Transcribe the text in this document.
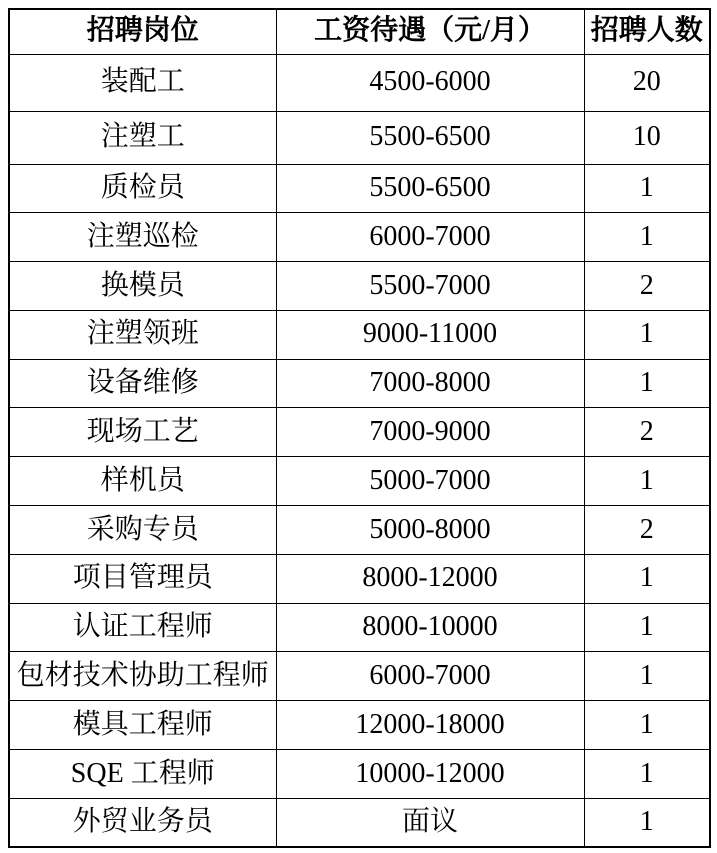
招聘岗位	工资待遇（元/月）	招聘人数
装配工	4500-6000	20
注塑工	5500-6500	10
质检员	5500-6500	1
注塑巡检	6000-7000	1
换模员	5500-7000	2
注塑领班	9000-11000	1
设备维修	7000-8000	1
现场工艺	7000-9000	2
样机员	5000-7000	1
采购专员	5000-8000	2
项目管理员	8000-12000	1
认证工程师	8000-10000	1
包材技术协助工程师	6000-7000	1
模具工程师	12000-18000	1
SQE 工程师	10000-12000	1
外贸业务员	面议	1
